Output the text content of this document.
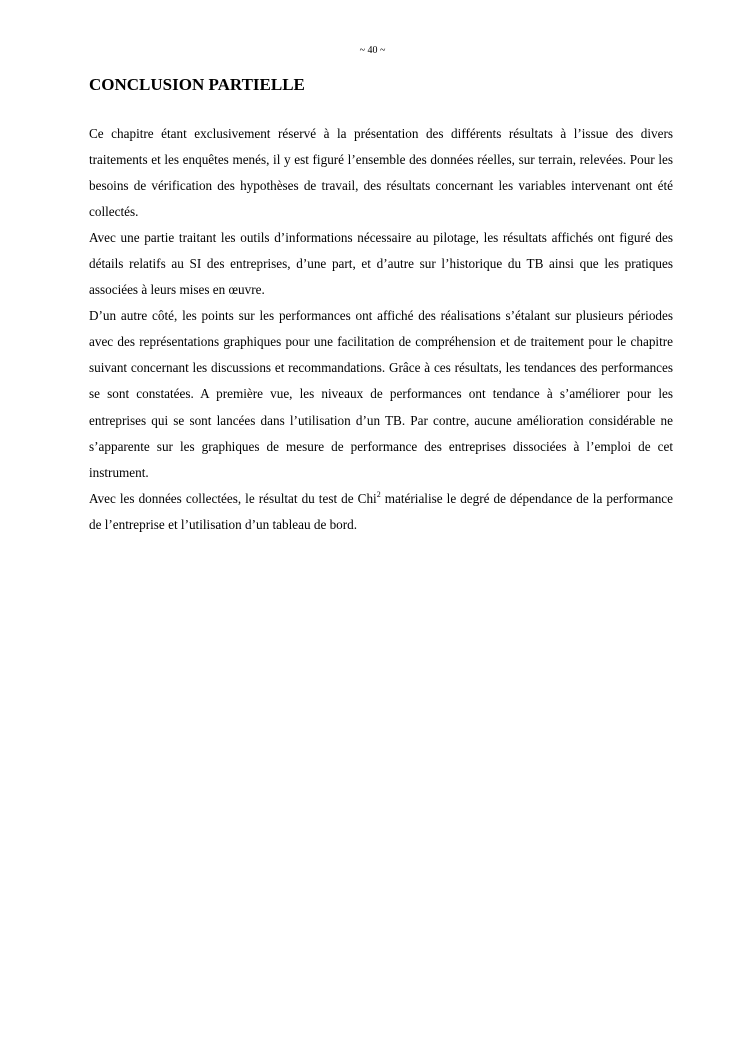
~ 40 ~
CONCLUSION PARTIELLE

Ce chapitre étant exclusivement réservé à la présentation des différents résultats à l’issue des divers traitements et les enquêtes menés, il y est figuré l’ensemble des données réelles, sur terrain, relevées. Pour les besoins de vérification des hypothèses de travail, des résultats concernant les variables intervenant ont été collectés.

Avec une partie traitant les outils d’informations nécessaire au pilotage, les résultats affichés ont figuré des détails relatifs au SI des entreprises, d’une part, et d’autre sur l’historique du TB ainsi que les pratiques associées à leurs mises en œuvre.

D’un autre côté, les points sur les performances ont affiché des réalisations s’étalant sur plusieurs périodes avec des représentations graphiques pour une facilitation de compréhension et de traitement pour le chapitre suivant concernant les discussions et recommandations. Grâce à ces résultats, les tendances des performances se sont constatées. A première vue, les niveaux de performances ont tendance à s’améliorer pour les entreprises qui se sont lancées dans l’utilisation d’un TB. Par contre, aucune amélioration considérable ne s’apparente sur les graphiques de mesure de performance des entreprises dissociées à l’emploi de cet instrument.

Avec les données collectées, le résultat du test de Chi$^2$ matérialise le degré de dépendance de la performance de l’entreprise et l’utilisation d’un tableau de bord.
